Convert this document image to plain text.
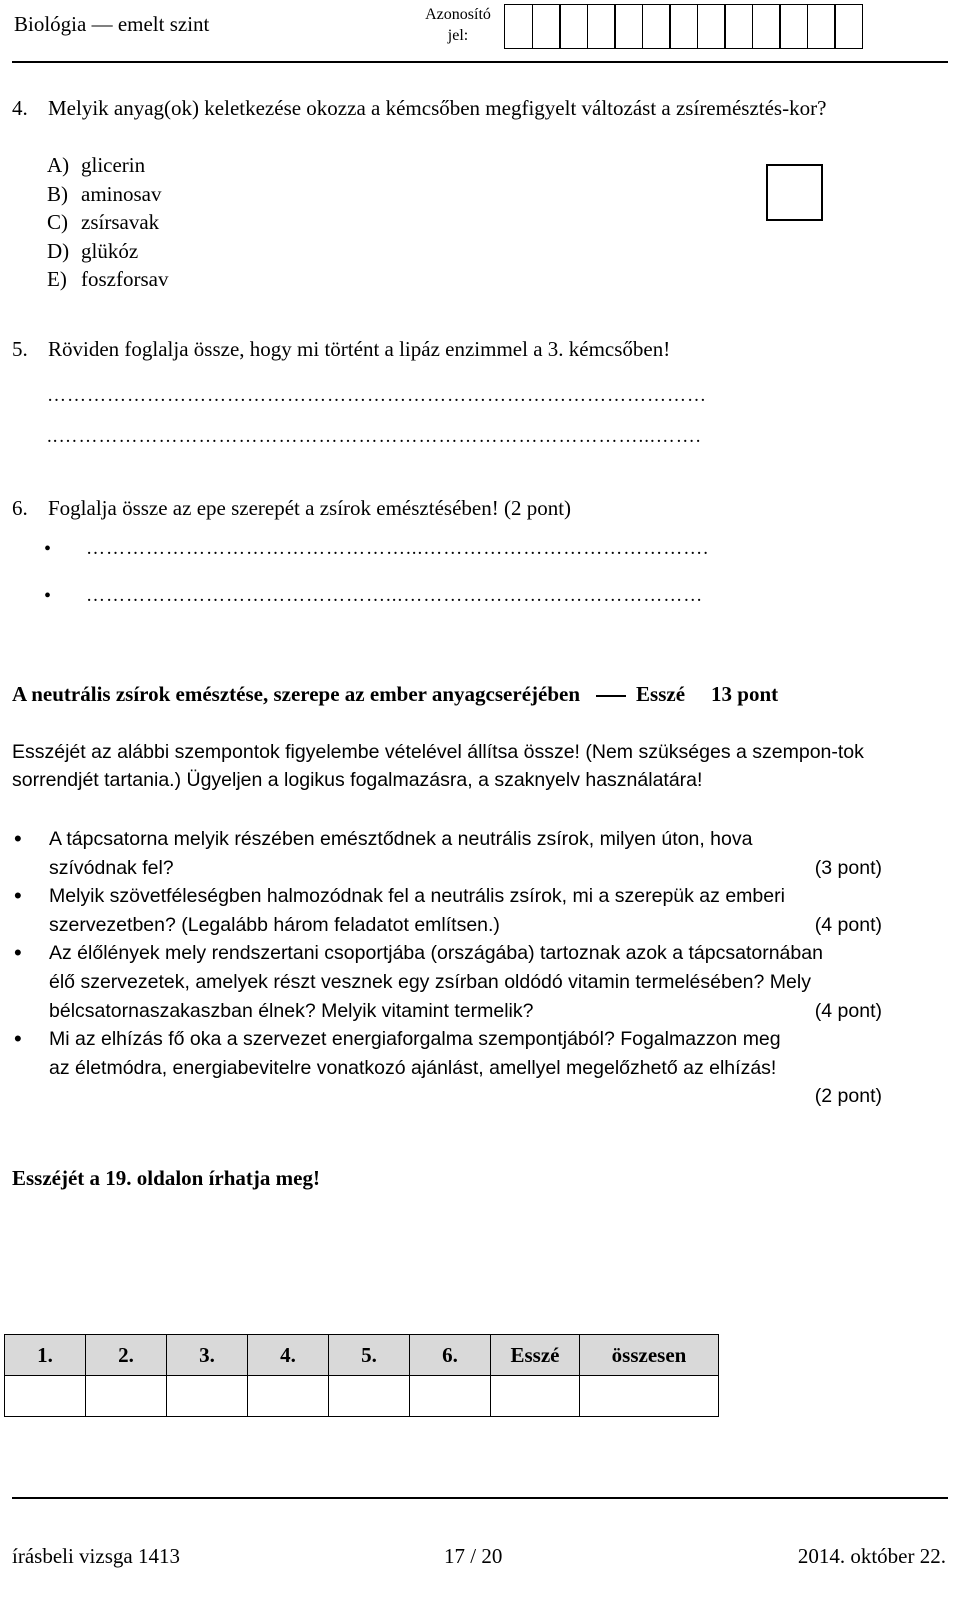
Biológia — emelt szint	Azonosító
jel:
4. Melyik anyag(ok) keletkezése okozza a kémcsőben megfigyelt változást a zsíremésztés-kor?
A) glicerin
B) aminosav
C) zsírsavak
D) glükóz
E) foszforsav
5. Röviden foglalja össze, hogy mi történt a lipáz enzimmel a 3. kémcsőben!
………………………………………………………………………………………
..……………………………………………………………………………...…….
6. Foglalja össze az epe szerepét a zsírok emésztésében! (2 pont)
• …………………………………………...…………………………………….
• ………………………………………...………………………………………
A neutrális zsírok emésztése, szerepe az ember anyagcseréjében	Esszé 13 pont
Esszéjét az alábbi szempontok figyelembe vételével állítsa össze! (Nem szükséges a szempon-tok sorrendjét tartania.) Ügyeljen a logikus fogalmazásra, a szaknyelv használatára!
• A tápcsatorna melyik részében emésztődnek a neutrális zsírok, milyen úton, hova
szívódnak fel?	(3 pont)
• Melyik szövetféleségben halmozódnak fel a neutrális zsírok, mi a szerepük az emberi
szervezetben? (Legalább három feladatot említsen.)	(4 pont)
• Az élőlények mely rendszertani csoportjába (országába) tartoznak azok a tápcsatornában
élő szervezetek, amelyek részt vesznek egy zsírban oldódó vitamin termelésében? Mely
bélcsatornaszakaszban élnek? Melyik vitamint termelik?	(4 pont)
• Mi az elhízás fő oka a szervezet energiaforgalma szempontjából? Fogalmazzon meg
az életmódra, energiabevitelre vonatkozó ajánlást, amellyel megelőzhető az elhízás!
(2 pont)
Esszéjét a 19. oldalon írhatja meg!
1.	2.	3.	4.	5.	6.	Esszé	összesen

írásbeli vizsga 1413	17 / 20	2014. október 22.
